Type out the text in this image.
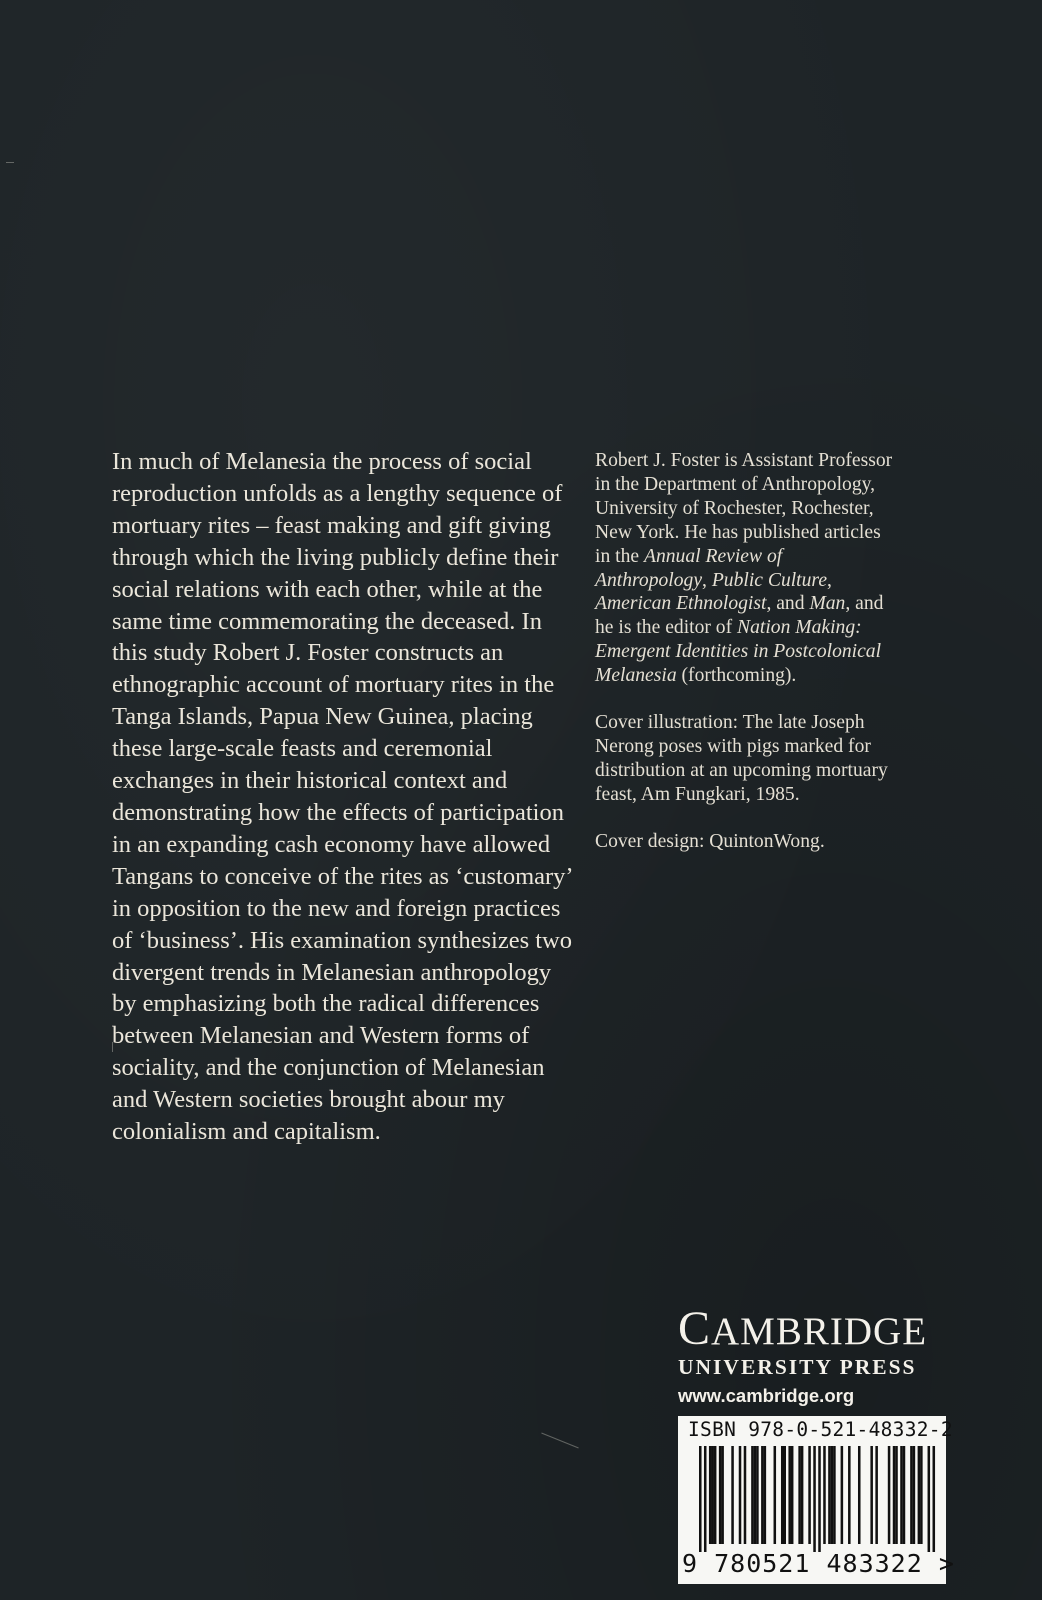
In much of Melanesia the process of social reproduction unfolds as a lengthy sequence of mortuary rites – feast making and gift giving through which the living publicly define their social relations with each other, while at the same time commemorating the deceased. In this study Robert J. Foster constructs an ethnographic account of mortuary rites in the Tanga Islands, Papua New Guinea, placing these large-scale feasts and ceremonial exchanges in their historical context and demonstrating how the effects of participation in an expanding cash economy have allowed Tangans to conceive of the rites as ‘customary’ in opposition to the new and foreign practices of ‘business’. His examination synthesizes two divergent trends in Melanesian anthropology by emphasizing both the radical differences between Melanesian and Western forms of sociality, and the conjunction of Melanesian and Western societies brought abour my colonialism and capitalism.

Robert J. Foster is Assistant Professor in the Department of Anthropology, University of Rochester, Rochester, New York. He has published articles in the Annual Review of Anthropology, Public Culture, American Ethnologist, and Man, and he is the editor of Nation Making: Emergent Identities in Postcolonical Melanesia (forthcoming).

Cover illustration: The late Joseph Nerong poses with pigs marked for distribution at an upcoming mortuary feast, Am Fungkari, 1985.

Cover design: QuintonWong.

CAMBRIDGE

UNIVERSITY PRESS

www.cambridge.org

ISBN 978-0-521-48332-2
9 780521 483322 >
